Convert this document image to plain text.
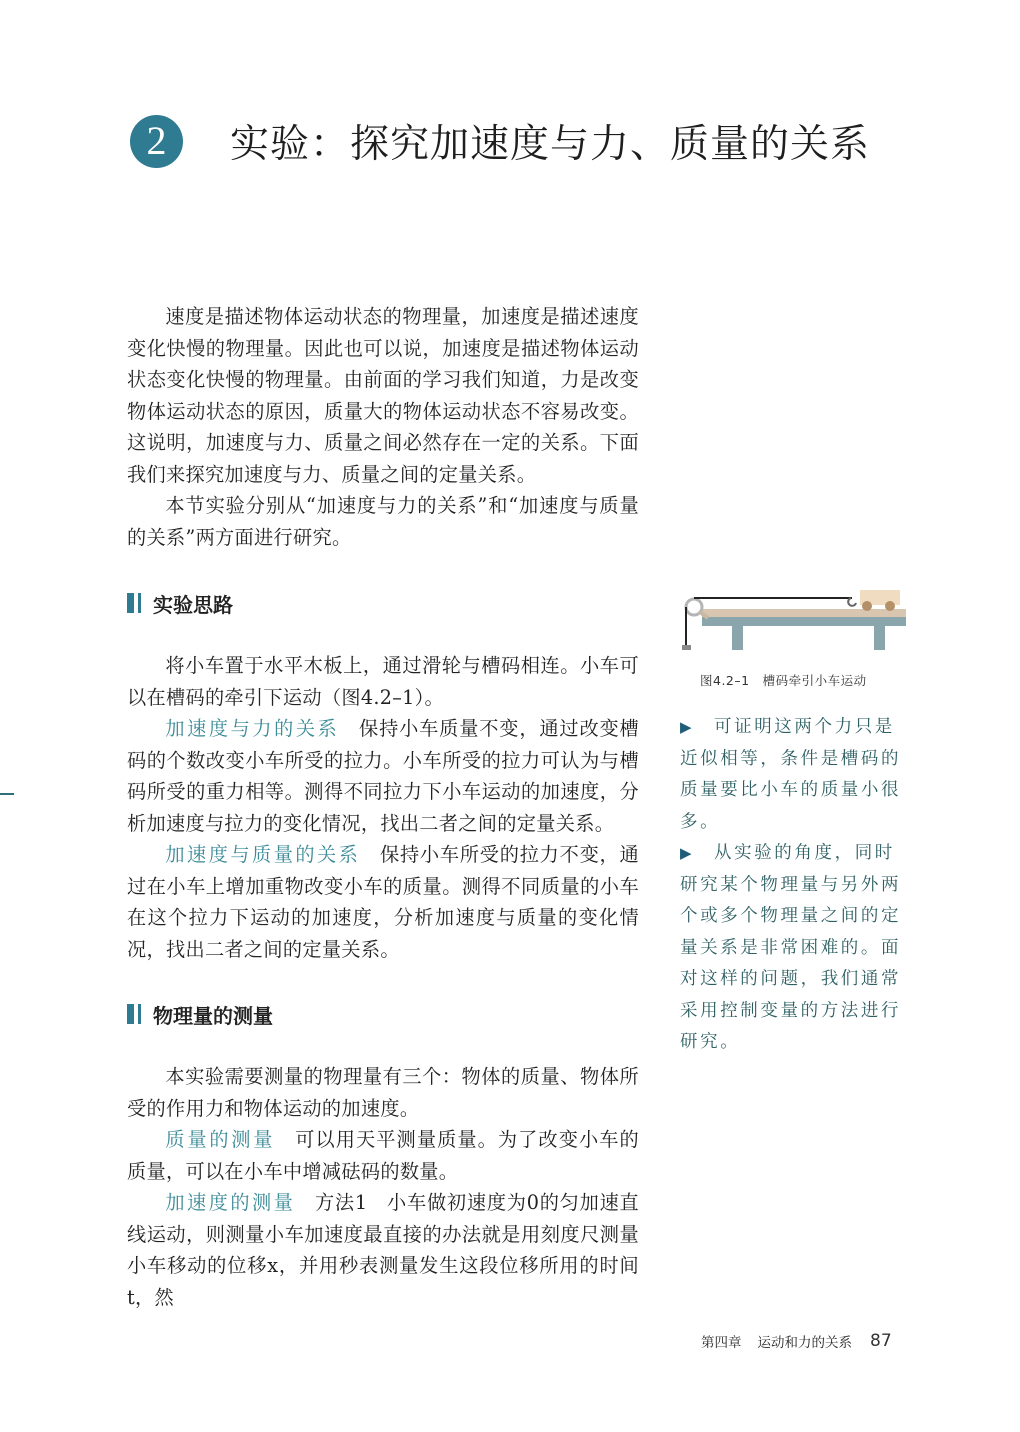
2	实验：探究加速度与力、质量的关系

速度是描述物体运动状态的物理量，加速度是描述速度变化快慢的物理量。因此也可以说，加速度是描述物体运动状态变化快慢的物理量。由前面的学习我们知道，力是改变物体运动状态的原因，质量大的物体运动状态不容易改变。这说明，加速度与力、质量之间必然存在一定的关系。下面我们来探究加速度与力、质量之间的定量关系。

本节实验分别从“加速度与力的关系”和“加速度与质量的关系”两方面进行研究。

实验思路

将小车置于水平木板上，通过滑轮与槽码相连。小车可以在槽码的牵引下运动（图4.2–1）。

加速度与力的关系 保持小车质量不变，通过改变槽码的个数改变小车所受的拉力。小车所受的拉力可认为与槽码所受的重力相等。测得不同拉力下小车运动的加速度，分析加速度与拉力的变化情况，找出二者之间的定量关系。

加速度与质量的关系 保持小车所受的拉力不变，通过在小车上增加重物改变小车的质量。测得不同质量的小车在这个拉力下运动的加速度，分析加速度与质量的变化情况，找出二者之间的定量关系。

物理量的测量

本实验需要测量的物理量有三个：物体的质量、物体所受的作用力和物体运动的加速度。

质量的测量 可以用天平测量质量。为了改变小车的质量，可以在小车中增减砝码的数量。

加速度的测量 方法1 小车做初速度为0的匀加速直线运动，则测量小车加速度最直接的办法就是用刻度尺测量小车移动的位移x，并用秒表测量发生这段位移所用的时间t，然

图4.2–1　槽码牵引小车运动

▶ 可证明这两个力只是近似相等，条件是槽码的质量要比小车的质量小很多。

▶ 从实验的角度，同时研究某个物理量与另外两个或多个物理量之间的定量关系是非常困难的。面对这样的问题，我们通常采用控制变量的方法进行研究。

第四章 运动和力的关系 87
